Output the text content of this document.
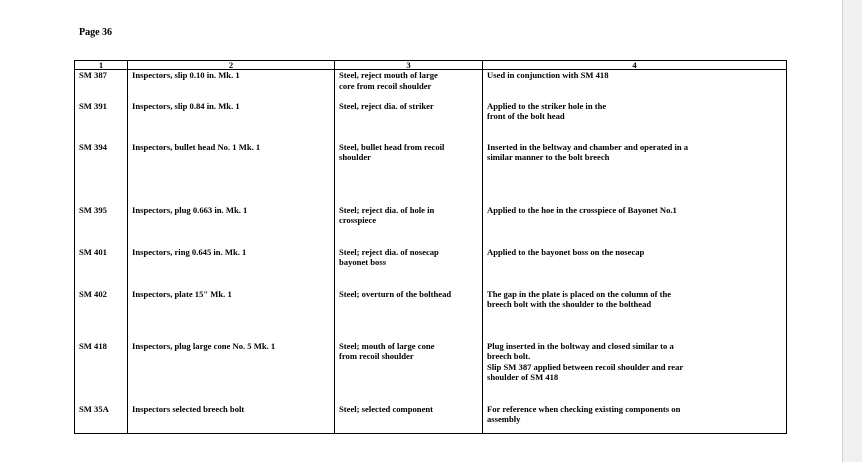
Page 36
1	2	3	4
SM 387	Inspectors, slip 0.10 in. Mk. 1	Steel, reject mouth of large
core from recoil shoulder	Used in conjunction with SM 418

SM 391	Inspectors, slip 0.84 in. Mk. 1	Steel, reject dia. of striker	Applied to the striker hole in the
front of the bolt head

SM 394	Inspectors, bullet head No. 1 Mk. 1	Steel, bullet head from recoil
shoulder	Inserted in the beltway and chamber and operated in a
similar manner to the bolt breech

SM 395	Inspectors, plug 0.663 in. Mk. 1	Steel; reject dia. of hole in
crosspiece	Applied to the hoe in the crosspiece of Bayonet No.1

SM 401	Inspectors, ring 0.645 in. Mk. 1	Steel; reject dia. of nosecap
bayonet boss	Applied to the bayonet boss on the nosecap

SM 402	Inspectors, plate 15" Mk. 1	Steel; overturn of the bolthead	The gap in the plate is placed on the column of the
breech bolt with the shoulder to the bolthead

SM 418	Inspectors, plug large cone No. 5 Mk. 1	Steel; mouth of large cone
from recoil shoulder	Plug inserted in the boltway and closed similar to a
breech bolt.
Slip SM 387 applied between recoil shoulder and rear
shoulder of SM 418

SM 35A	Inspectors selected breech bolt	Steel; selected component	For reference when checking existing components on
assembly
